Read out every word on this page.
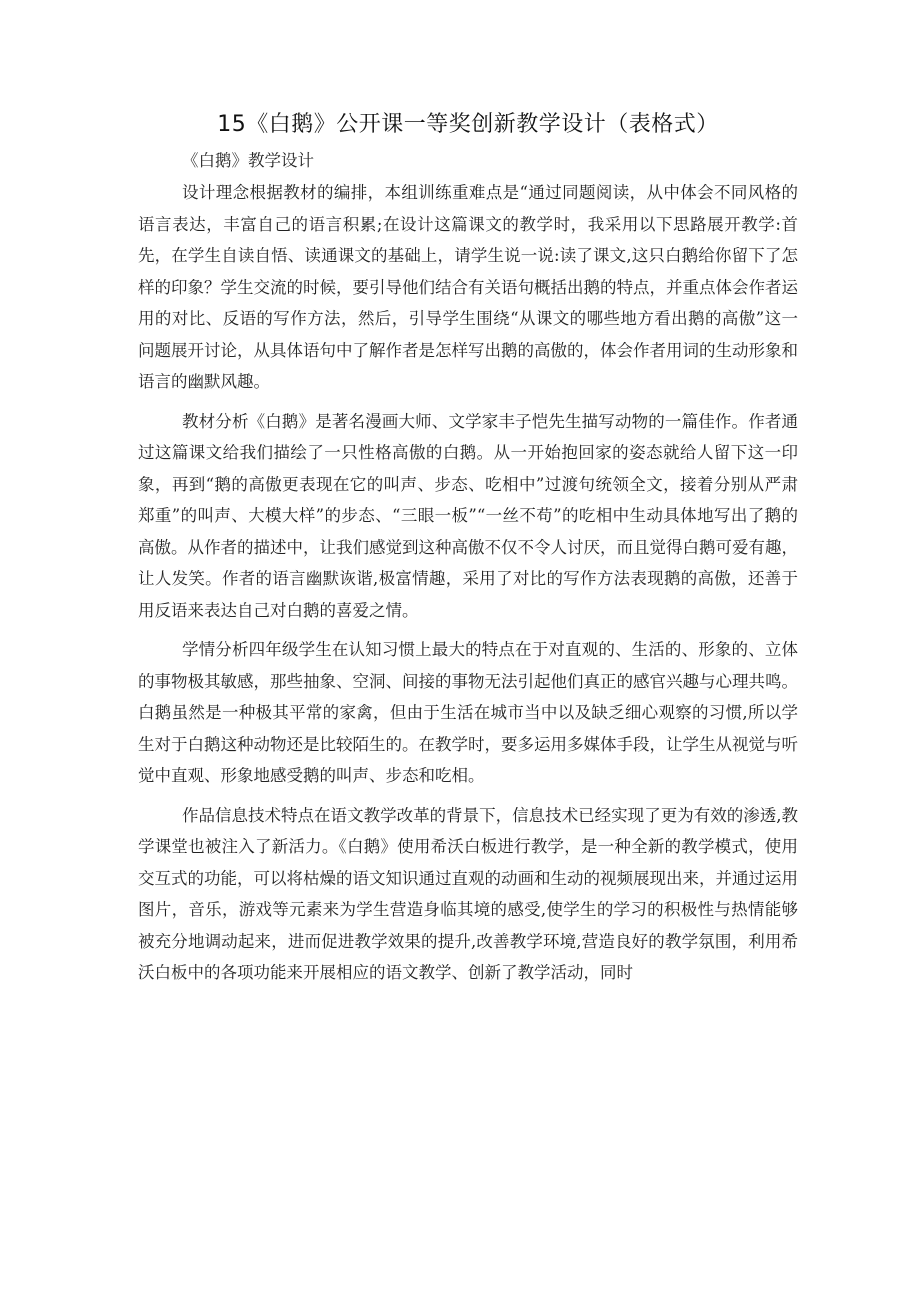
15《白鹅》公开课一等奖创新教学设计（表格式）
《白鹅》教学设计

设计理念根据教材的编排，本组训练重难点是“通过同题阅读，从中体会不同风格的语言表达，丰富自己的语言积累;在设计这篇课文的教学时，我采用以下思路展开教学:首先，在学生自读自悟、读通课文的基础上，请学生说一说:读了课文,这只白鹅给你留下了怎样的印象？学生交流的时候，要引导他们结合有关语句概括出鹅的特点，并重点体会作者运用的对比、反语的写作方法，然后，引导学生围绕“从课文的哪些地方看出鹅的高傲”这一问题展开讨论，从具体语句中了解作者是怎样写出鹅的高傲的，体会作者用词的生动形象和语言的幽默风趣。

教材分析《白鹅》是著名漫画大师、文学家丰子恺先生描写动物的一篇佳作。作者通过这篇课文给我们描绘了一只性格高傲的白鹅。从一开始抱回家的姿态就给人留下这一印象，再到“鹅的高傲更表现在它的叫声、步态、吃相中”过渡句统领全文，接着分别从严肃郑重”的叫声、大模大样”的步态、“三眼一板”“一丝不苟”的吃相中生动具体地写出了鹅的高傲。从作者的描述中，让我们感觉到这种高傲不仅不令人讨厌，而且觉得白鹅可爱有趣，让人发笑。作者的语言幽默诙谐,极富情趣，采用了对比的写作方法表现鹅的高傲，还善于用反语来表达自己对白鹅的喜爱之情。

学情分析四年级学生在认知习惯上最大的特点在于对直观的、生活的、形象的、立体的事物极其敏感，那些抽象、空洞、间接的事物无法引起他们真正的感官兴趣与心理共鸣。白鹅虽然是一种极其平常的家禽，但由于生活在城市当中以及缺乏细心观察的习惯,所以学生对于白鹅这种动物还是比较陌生的。在教学时，要多运用多媒体手段，让学生从视觉与听觉中直观、形象地感受鹅的叫声、步态和吃相。

作品信息技术特点在语文教学改革的背景下，信息技术已经实现了更为有效的渗透,教学课堂也被注入了新活力。《白鹅》使用希沃白板进行教学，是一种全新的教学模式，使用交互式的功能，可以将枯燥的语文知识通过直观的动画和生动的视频展现出来，并通过运用图片，音乐，游戏等元素来为学生营造身临其境的感受,使学生的学习的积极性与热情能够被充分地调动起来，进而促进教学效果的提升,改善教学环境,营造良好的教学氛围，利用希沃白板中的各项功能来开展相应的语文教学、创新了教学活动，同时
